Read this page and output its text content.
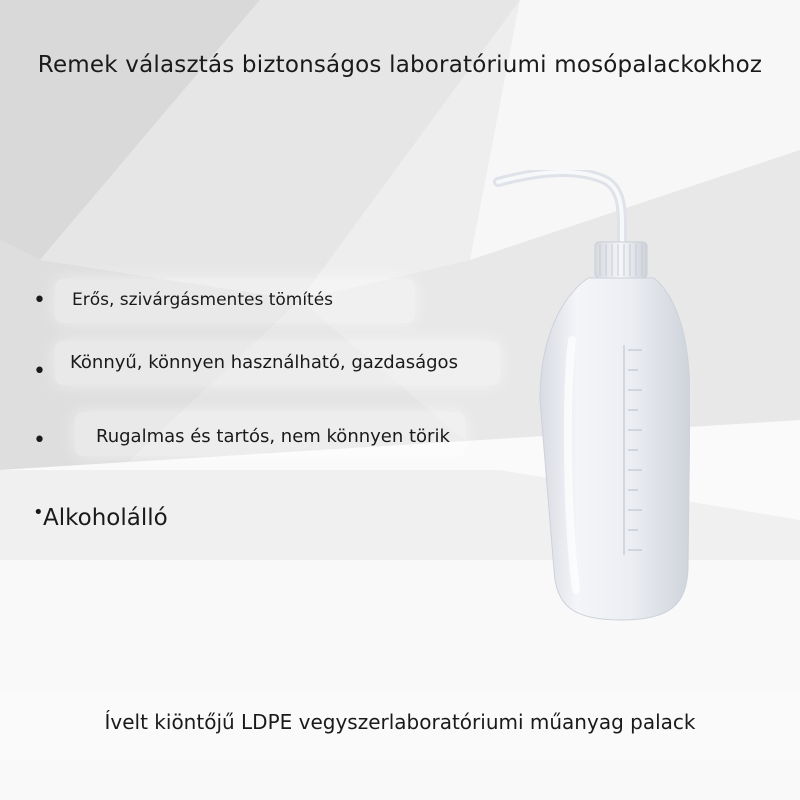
Remek választás biztonságos laboratóriumi mosópalackokhoz
• Erős, szivárgásmentes tömítés
• Könnyű, könnyen használható, gazdaságos
•	Rugalmas és tartós, nem könnyen törik
• Alkoholálló
Ívelt kiöntőjű LDPE vegyszerlaboratóriumi műanyag palack
